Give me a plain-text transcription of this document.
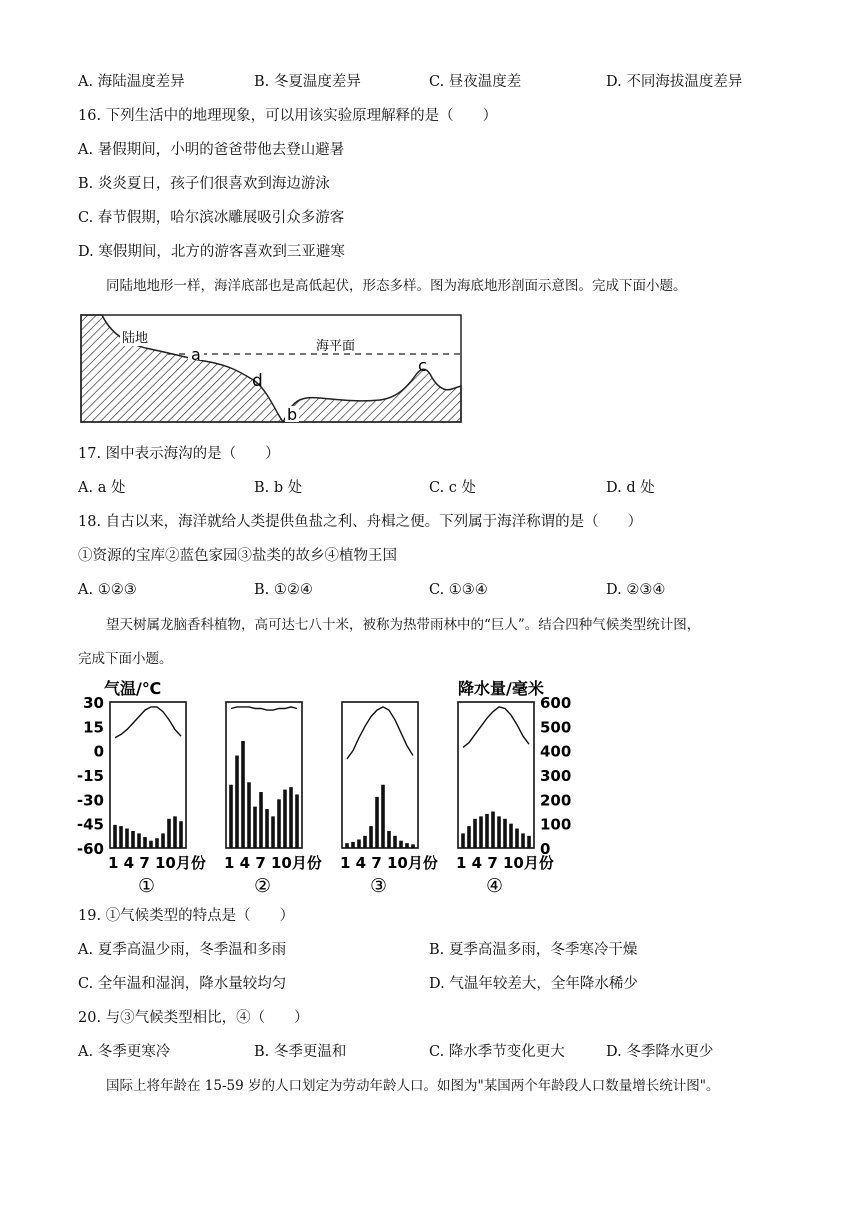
A. 海陆温度差异	B. 冬夏温度差异	C. 昼夜温度差	D. 不同海拔温度差异
16. 下列生活中的地理现象，可以用该实验原理解释的是（　　）
A. 暑假期间，小明的爸爸带他去登山避暑
B. 炎炎夏日，孩子们很喜欢到海边游泳
C. 春节假期，哈尔滨冰雕展吸引众多游客
D. 寒假期间，北方的游客喜欢到三亚避寒
同陆地地形一样，海洋底部也是高低起伏，形态多样。图为海底地形剖面示意图。完成下面小题。
陆地
海平面
a
d
b
c
17. 图中表示海沟的是（　　）
A. a 处	B. b 处	C. c 处	D. d 处
18. 自古以来，海洋就给人类提供鱼盐之利、舟楫之便。下列属于海洋称谓的是（　　）
①资源的宝库②蓝色家园③盐类的故乡④植物王国
A. ①②③	B. ①②④	C. ①③④	D. ②③④
望天树属龙脑香科植物，高可达七八十米，被称为热带雨林中的“巨人”。结合四种气候类型统计图，
完成下面小题。
气温/℃	降水量/毫米
30
15
0
-15
-30
-45
-60
600
500
400
300
200
100
0
1 4 7 10月份
①
1 4 7 10月份
②
1 4 7 10月份
③
1 4 7 10月份
④
19. ①气候类型的特点是（　　）
A. 夏季高温少雨，冬季温和多雨	B. 夏季高温多雨，冬季寒冷干燥
C. 全年温和湿润，降水量较均匀	D. 气温年较差大，全年降水稀少
20. 与③气候类型相比，④（　　）
A. 冬季更寒冷	B. 冬季更温和	C. 降水季节变化更大	D. 冬季降水更少
国际上将年龄在 15-59 岁的人口划定为劳动年龄人口。如图为"某国两个年龄段人口数量增长统计图"。
